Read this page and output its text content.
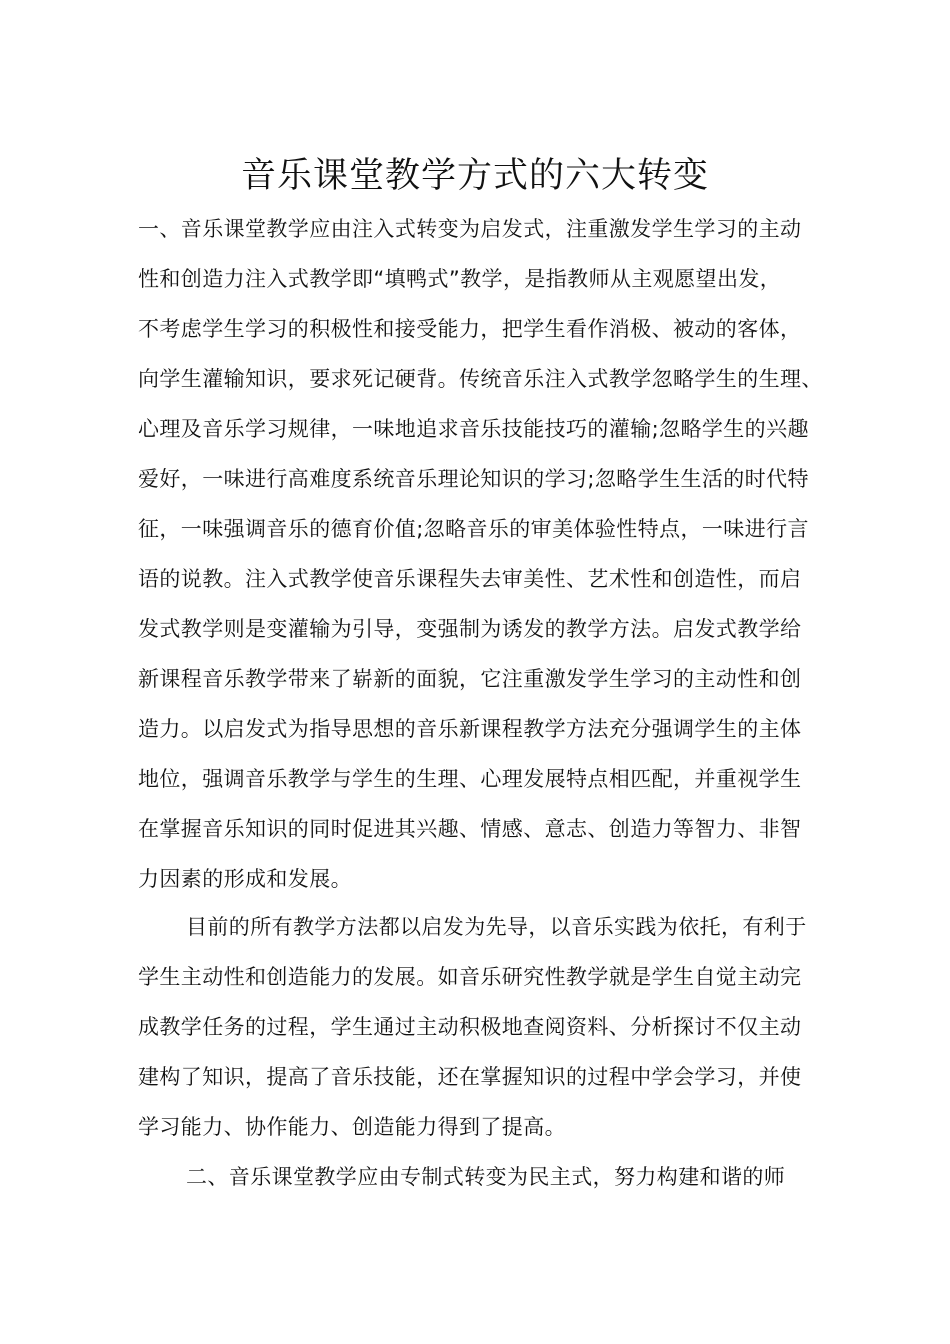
音乐课堂教学方式的六大转变
一、音乐课堂教学应由注入式转变为启发式，注重激发学生学习的主动
性和创造力注入式教学即“填鸭式”教学，是指教师从主观愿望出发，
不考虑学生学习的积极性和接受能力，把学生看作消极、被动的客体，
向学生灌输知识，要求死记硬背。传统音乐注入式教学忽略学生的生理、
心理及音乐学习规律，一味地追求音乐技能技巧的灌输;忽略学生的兴趣
爱好，一味进行高难度系统音乐理论知识的学习;忽略学生生活的时代特
征，一味强调音乐的德育价值;忽略音乐的审美体验性特点，一味进行言
语的说教。注入式教学使音乐课程失去审美性、艺术性和创造性，而启
发式教学则是变灌输为引导，变强制为诱发的教学方法。启发式教学给
新课程音乐教学带来了崭新的面貌，它注重激发学生学习的主动性和创
造力。以启发式为指导思想的音乐新课程教学方法充分强调学生的主体
地位，强调音乐教学与学生的生理、心理发展特点相匹配，并重视学生
在掌握音乐知识的同时促进其兴趣、情感、意志、创造力等智力、非智
力因素的形成和发展。
目前的所有教学方法都以启发为先导，以音乐实践为依托，有利于
学生主动性和创造能力的发展。如音乐研究性教学就是学生自觉主动完
成教学任务的过程，学生通过主动积极地查阅资料、分析探讨不仅主动
建构了知识，提高了音乐技能，还在掌握知识的过程中学会学习，并使
学习能力、协作能力、创造能力得到了提高。
二、音乐课堂教学应由专制式转变为民主式，努力构建和谐的师
